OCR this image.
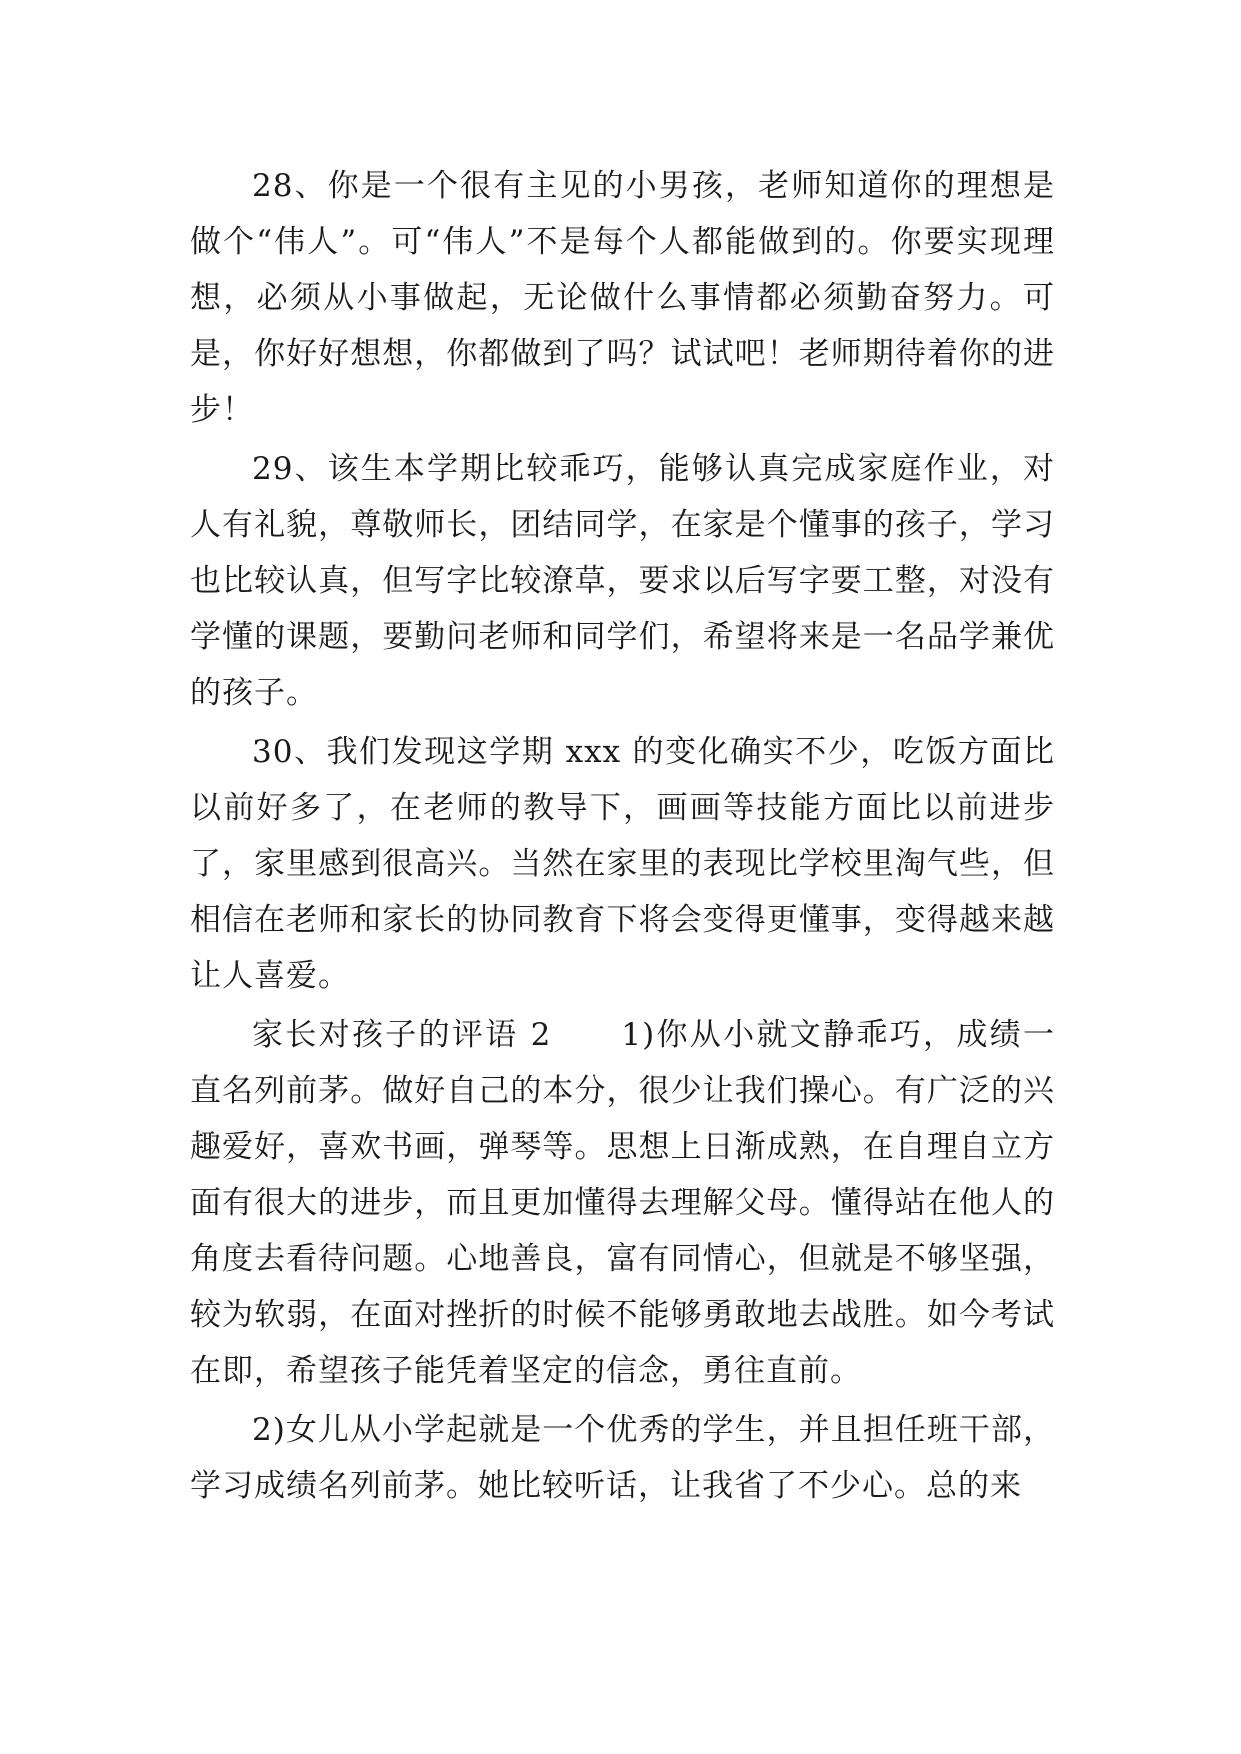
28、你是一个很有主见的小男孩，老师知道你的理想是做个“伟人”。可“伟人”不是每个人都能做到的。你要实现理想，必须从小事做起，无论做什么事情都必须勤奋努力。可是，你好好想想，你都做到了吗？试试吧！老师期待着你的进步！

29、该生本学期比较乖巧，能够认真完成家庭作业，对人有礼貌，尊敬师长，团结同学，在家是个懂事的孩子，学习也比较认真，但写字比较潦草，要求以后写字要工整，对没有学懂的课题，要勤问老师和同学们，希望将来是一名品学兼优的孩子。

30、我们发现这学期 xxx 的变化确实不少，吃饭方面比以前好多了，在老师的教导下，画画等技能方面比以前进步了，家里感到很高兴。当然在家里的表现比学校里淘气些，但相信在老师和家长的协同教育下将会变得更懂事，变得越来越让人喜爱。

家长对孩子的评语 2 1)你从小就文静乖巧，成绩一直名列前茅。做好自己的本分，很少让我们操心。有广泛的兴趣爱好，喜欢书画，弹琴等。思想上日渐成熟，在自理自立方面有很大的进步，而且更加懂得去理解父母。懂得站在他人的角度去看待问题。心地善良，富有同情心，但就是不够坚强，较为软弱，在面对挫折的时候不能够勇敢地去战胜。如今考试在即，希望孩子能凭着坚定的信念，勇往直前。

2)女儿从小学起就是一个优秀的学生，并且担任班干部，学习成绩名列前茅。她比较听话，让我省了不少心。总的来
